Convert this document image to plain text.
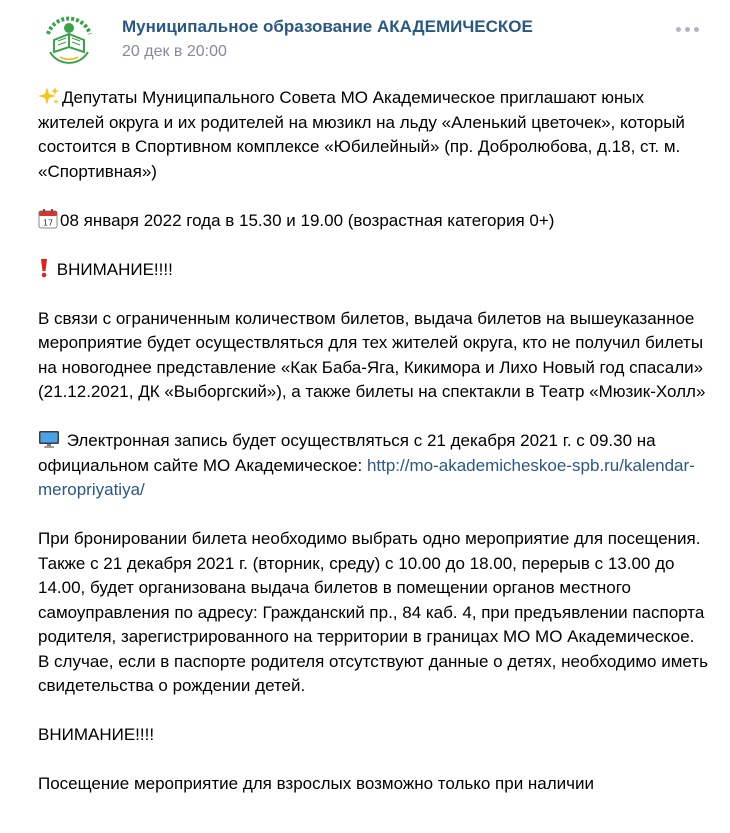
Муниципальное образование АКАДЕМИЧЕСКОЕ
20 дек в 20:00

Депутаты Муниципального Совета МО Академическое приглашают юных жителей округа и их родителей на мюзикл на льду «Аленький цветочек», который состоится в Спортивном комплексе «Юбилейный» (пр. Добролюбова, д.18, ст. м. «Спортивная»)

17 08 января 2022 года в 15.30 и 19.00 (возрастная категория 0+)

ВНИМАНИЕ!!!!

В связи с ограниченным количеством билетов, выдача билетов на вышеуказанное мероприятие будет осуществляться для тех жителей округа, кто не получил билеты на новогоднее представление «Как Баба-Яга, Кикимора и Лихо Новый год спасали» (21.12.2021, ДК «Выборгский»), а также билеты на спектакли в Театр «Мюзик-Холл»

Электронная запись будет осуществляться с 21 декабря 2021 г. с 09.30 на официальном сайте МО Академическое: http://mo-akademicheskoe-spb.ru/kalendar-meropriyatiya/

При бронировании билета необходимо выбрать одно мероприятие для посещения. Также с 21 декабря 2021 г. (вторник, среду) с 10.00 до 18.00, перерыв с 13.00 до 14.00, будет организована выдача билетов в помещении органов местного самоуправления по адресу: Гражданский пр., 84 каб. 4, при предъявлении паспорта родителя, зарегистрированного на территории в границах МО МО Академическое. В случае, если в паспорте родителя отсутствуют данные о детях, необходимо иметь свидетельства о рождении детей.

ВНИМАНИЕ!!!!

Посещение мероприятие для взрослых возможно только при наличии
